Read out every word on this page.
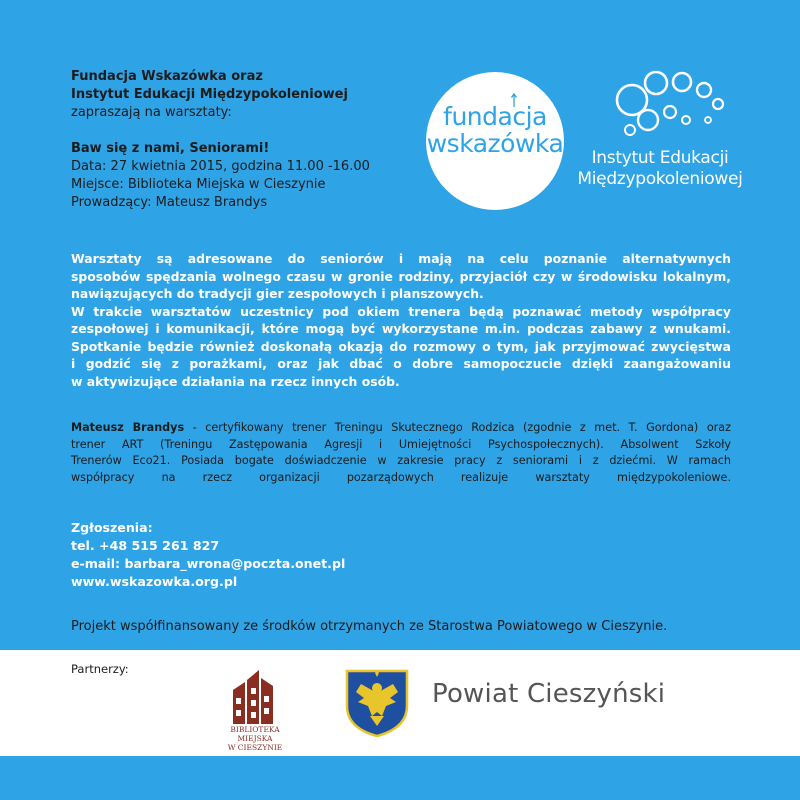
Fundacja Wskazówka oraz
Instytut Edukacji Międzypokoleniowej
zapraszają na warsztaty:
Baw się z nami, Seniorami!
Data: 27 kwietnia 2015, godzina 11.00 -16.00
Miejsce: Biblioteka Miejska w Cieszynie
Prowadzący: Mateusz Brandys
fundacja
wskazówka	Instytut Edukacji
Międzypokoleniowej
Warsztaty są adresowane do seniorów i mają na celu poznanie alternatywnych
sposobów spędzania wolnego czasu w gronie rodziny, przyjaciół czy w środowisku lokalnym,
nawiązujących do tradycji gier zespołowych i planszowych.
W trakcie warsztatów uczestnicy pod okiem trenera będą poznawać metody współpracy
zespołowej i komunikacji, które mogą być wykorzystane m.in. podczas zabawy z wnukami.
Spotkanie będzie również doskonałą okazją do rozmowy o tym, jak przyjmować zwycięstwa
i godzić się z porażkami, oraz jak dbać o dobre samopoczucie dzięki zaangażowaniu
w aktywizujące działania na rzecz innych osób.
Mateusz Brandys - certyfikowany trener Treningu Skutecznego Rodzica (zgodnie z met. T. Gordona) oraz
trener ART (Treningu Zastępowania Agresji i Umiejętności Psychospołecznych). Absolwent Szkoły
Trenerów Eco21. Posiada bogate doświadczenie w zakresie pracy z seniorami i z dziećmi. W ramach
współpracy na rzecz organizacji pozarządowych realizuje warsztaty międzypokoleniowe.
Zgłoszenia:
tel. +48 515 261 827
e-mail: barbara_wrona@poczta.onet.pl
www.wskazowka.org.pl
Projekt współfinansowany ze środków otrzymanych ze Starostwa Powiatowego w Cieszynie.
Partnerzy:
BIBLIOTEKA MIEJSKA
W CIESZYNIE
Powiat Cieszyński
